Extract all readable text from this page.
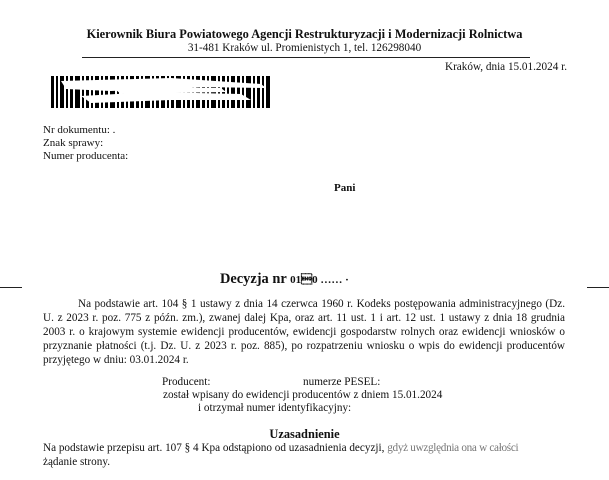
Kierownik Biura Powiatowego Agencji Restrukturyzacji i Modernizacji Rolnictwa
31-481 Kraków ul. Promienistych 1, tel. 126298040
Kraków, dnia 15.01.2024 r.
Nr dokumentu: .
Znak sprawy:
Numer producenta:
Pani
Decyzja nr 010 …… ·
Na podstawie art. 104 § 1 ustawy z dnia 14 czerwca 1960 r. Kodeks postępowania administracyjnego (Dz. U. z 2023 r. poz. 775 z późn. zm.), zwanej dalej Kpa, oraz art. 11 ust. 1 i art. 12 ust. 1 ustawy z dnia 18 grudnia 2003 r. o krajowym systemie ewidencji producentów, ewidencji gospodarstw rolnych oraz ewidencji wniosków o przyznanie płatności (t.j. Dz. U. z 2023 r. poz. 885), po rozpatrzeniu wniosku o wpis do ewidencji producentów przyjętego w dniu: 03.01.2024 r.
Producent:	numerze PESEL:
został wpisany do ewidencji producentów z dniem 15.01.2024
i otrzymał numer identyfikacyjny:
Uzasadnienie
Na podstawie przepisu art. 107 § 4 Kpa odstąpiono od uzasadnienia decyzji, gdyż uwzględnia ona w całości
żądanie strony.
